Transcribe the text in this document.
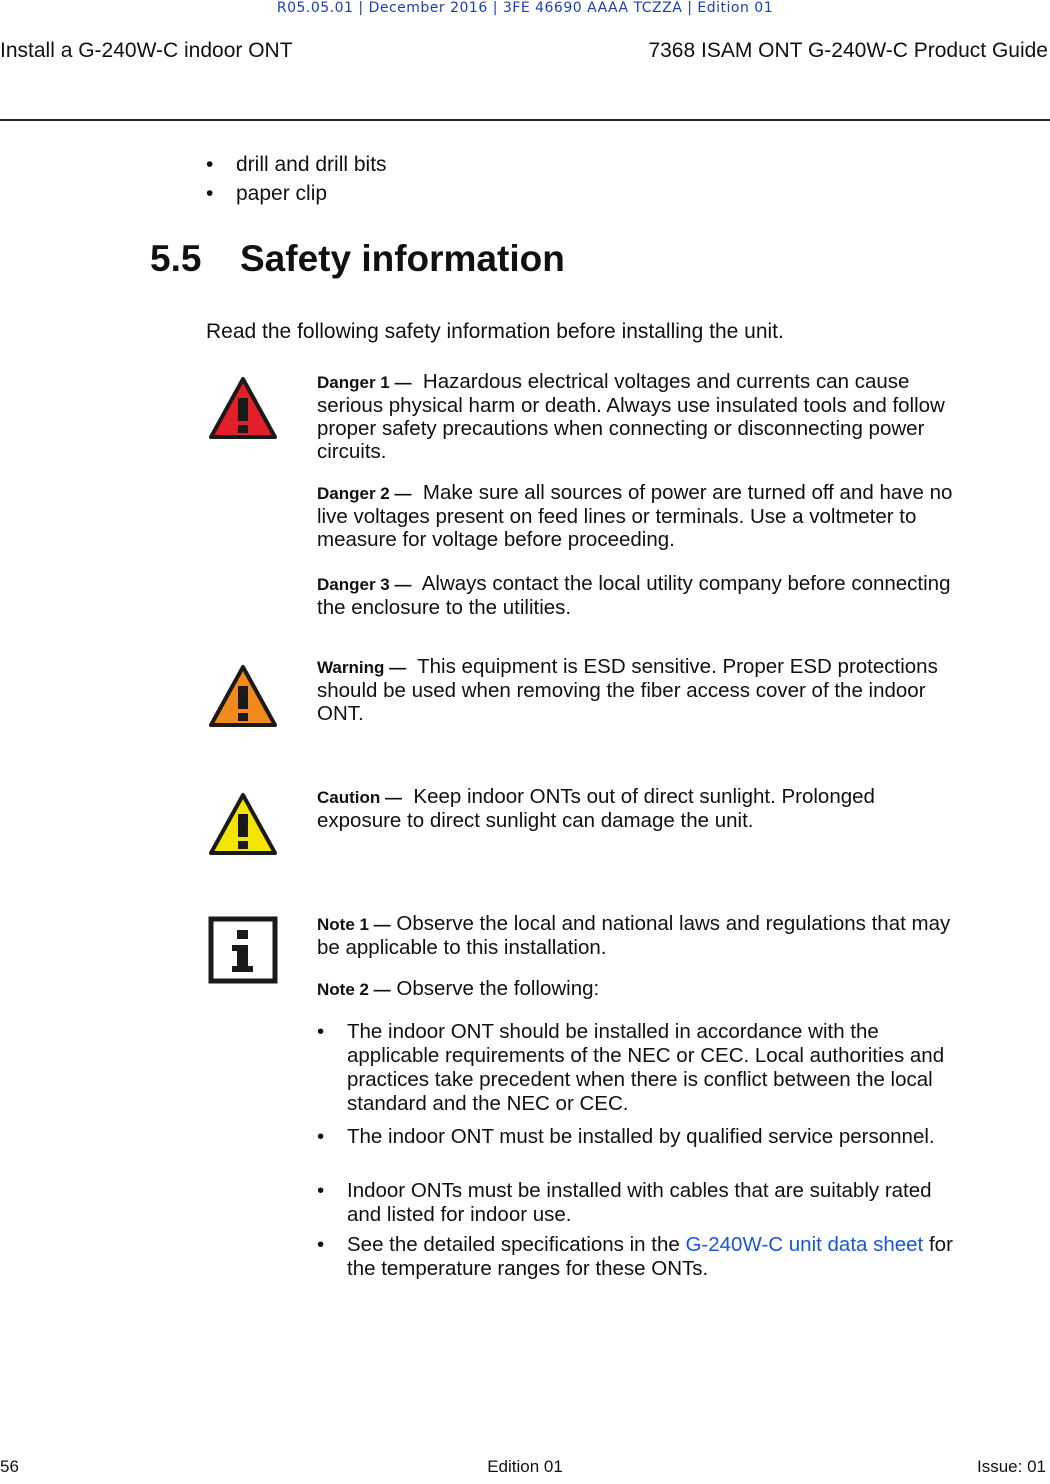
R05.05.01 | December 2016 | 3FE 46690 AAAA TCZZA | Edition 01
Install a G-240W-C indoor ONT	7368 ISAM ONT G-240W-C Product Guide
• drill and drill bits
• paper clip
5.5 Safety information
Read the following safety information before installing the unit.
Danger 1 — Hazardous electrical voltages and currents can cause serious physical harm or death. Always use insulated tools and follow proper safety precautions when connecting or disconnecting power circuits.
Danger 2 — Make sure all sources of power are turned off and have no live voltages present on feed lines or terminals. Use a voltmeter to measure for voltage before proceeding.
Danger 3 — Always contact the local utility company before connecting the enclosure to the utilities.
Warning — This equipment is ESD sensitive. Proper ESD protections should be used when removing the fiber access cover of the indoor ONT.
Caution — Keep indoor ONTs out of direct sunlight. Prolonged exposure to direct sunlight can damage the unit.
Note 1 — Observe the local and national laws and regulations that may be applicable to this installation.
Note 2 — Observe the following:
• The indoor ONT should be installed in accordance with the applicable requirements of the NEC or CEC. Local authorities and practices take precedent when there is conflict between the local standard and the NEC or CEC.
• The indoor ONT must be installed by qualified service personnel.
• Indoor ONTs must be installed with cables that are suitably rated and listed for indoor use.
• See the detailed specifications in the G-240W-C unit data sheet for the temperature ranges for these ONTs.
56	Edition 01	Issue: 01
